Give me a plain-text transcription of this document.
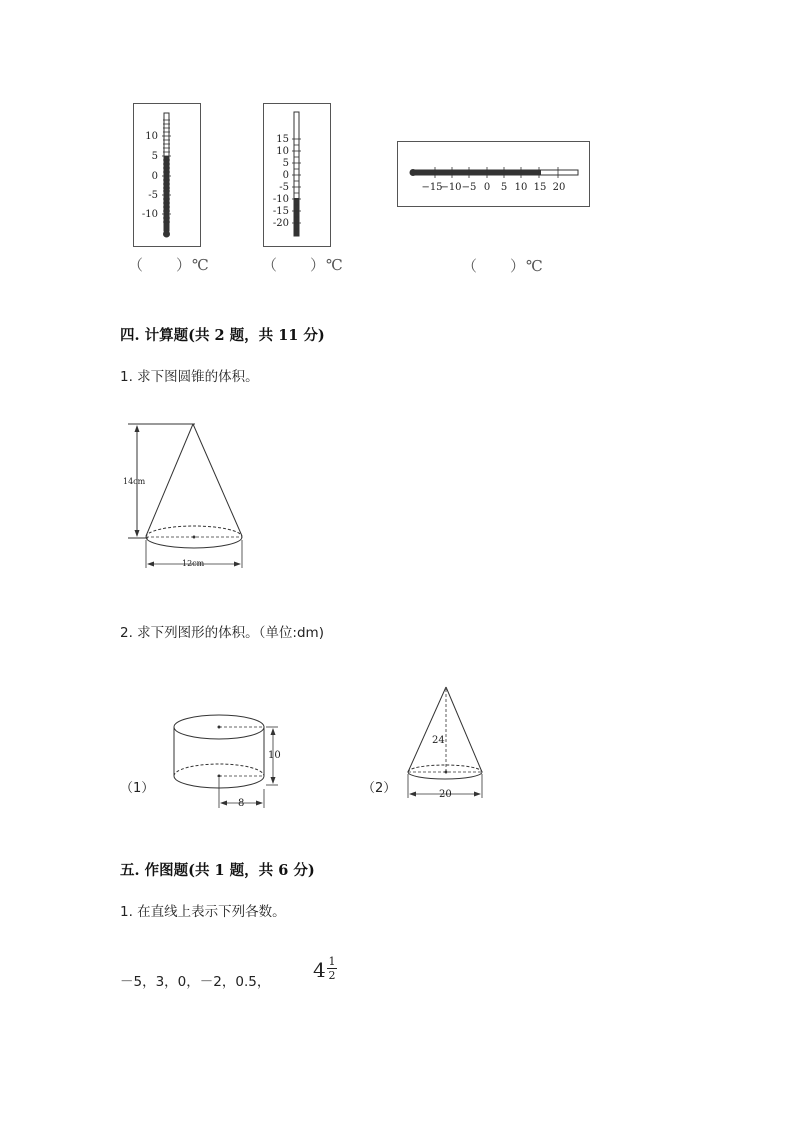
10
5
0
-5
-10
（　　）℃
15
10
5
0
-5
-10
-15
-20
（　　）℃
−15
−10 −5 0 5 10 15 20
（　　）℃
四. 计算题(共 2 题，共 11 分)
1. 求下图圆锥的体积。
14cm
12cm
2. 求下列图形的体积。（单位:dm)
（1）
10
8
（2）
24
20
五. 作图题(共 1 题，共 6 分)
1. 在直线上表示下列各数。
－5，3，0，－2，0.5， 4 1
2
